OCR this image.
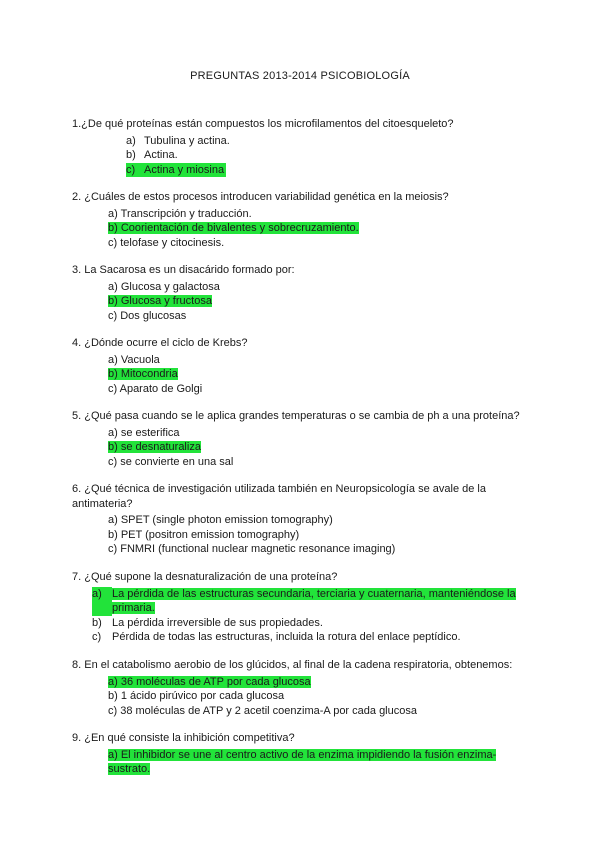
PREGUNTAS 2013-2014 PSICOBIOLOGÍA
1.¿De qué proteínas están compuestos los microfilamentos del citoesqueleto?
a) Tubulina y actina.
b) Actina.
c) Actina y miosina
2. ¿Cuáles de estos procesos introducen variabilidad genética en la meiosis?
a) Transcripción y traducción.
b) Coorientación de bivalentes y sobrecruzamiento.
c) telofase y citocinesis.
3. La Sacarosa es un disacárido formado por:
a) Glucosa y galactosa
b) Glucosa y fructosa
c) Dos glucosas
4. ¿Dónde ocurre el ciclo de Krebs?
a) Vacuola
b) Mitocondria
c) Aparato de Golgi
5. ¿Qué pasa cuando se le aplica grandes temperaturas o se cambia de ph a una proteína?
a) se esterifica
b) se desnaturaliza
c) se convierte en una sal
6. ¿Qué técnica de investigación utilizada también en Neuropsicología se avale de la antimateria?
a) SPET (single photon emission tomography)
b) PET (positron emission tomography)
c) FNMRI (functional nuclear magnetic resonance imaging)
7. ¿Qué supone la desnaturalización de una proteína?
a) La pérdida de las estructuras secundaria, terciaria y cuaternaria, manteniéndose la primaria.
b) La pérdida irreversible de sus propiedades.
c) Pérdida de todas las estructuras, incluida la rotura del enlace peptídico.
8. En el catabolismo aerobio de los glúcidos, al final de la cadena respiratoria, obtenemos:
a) 36 moléculas de ATP por cada glucosa
b) 1 ácido pirúvico por cada glucosa
c) 38 moléculas de ATP y 2 acetil coenzima-A por cada glucosa
9. ¿En qué consiste la inhibición competitiva?
a) El inhibidor se une al centro activo de la enzima impidiendo la fusión enzima-sustrato.
